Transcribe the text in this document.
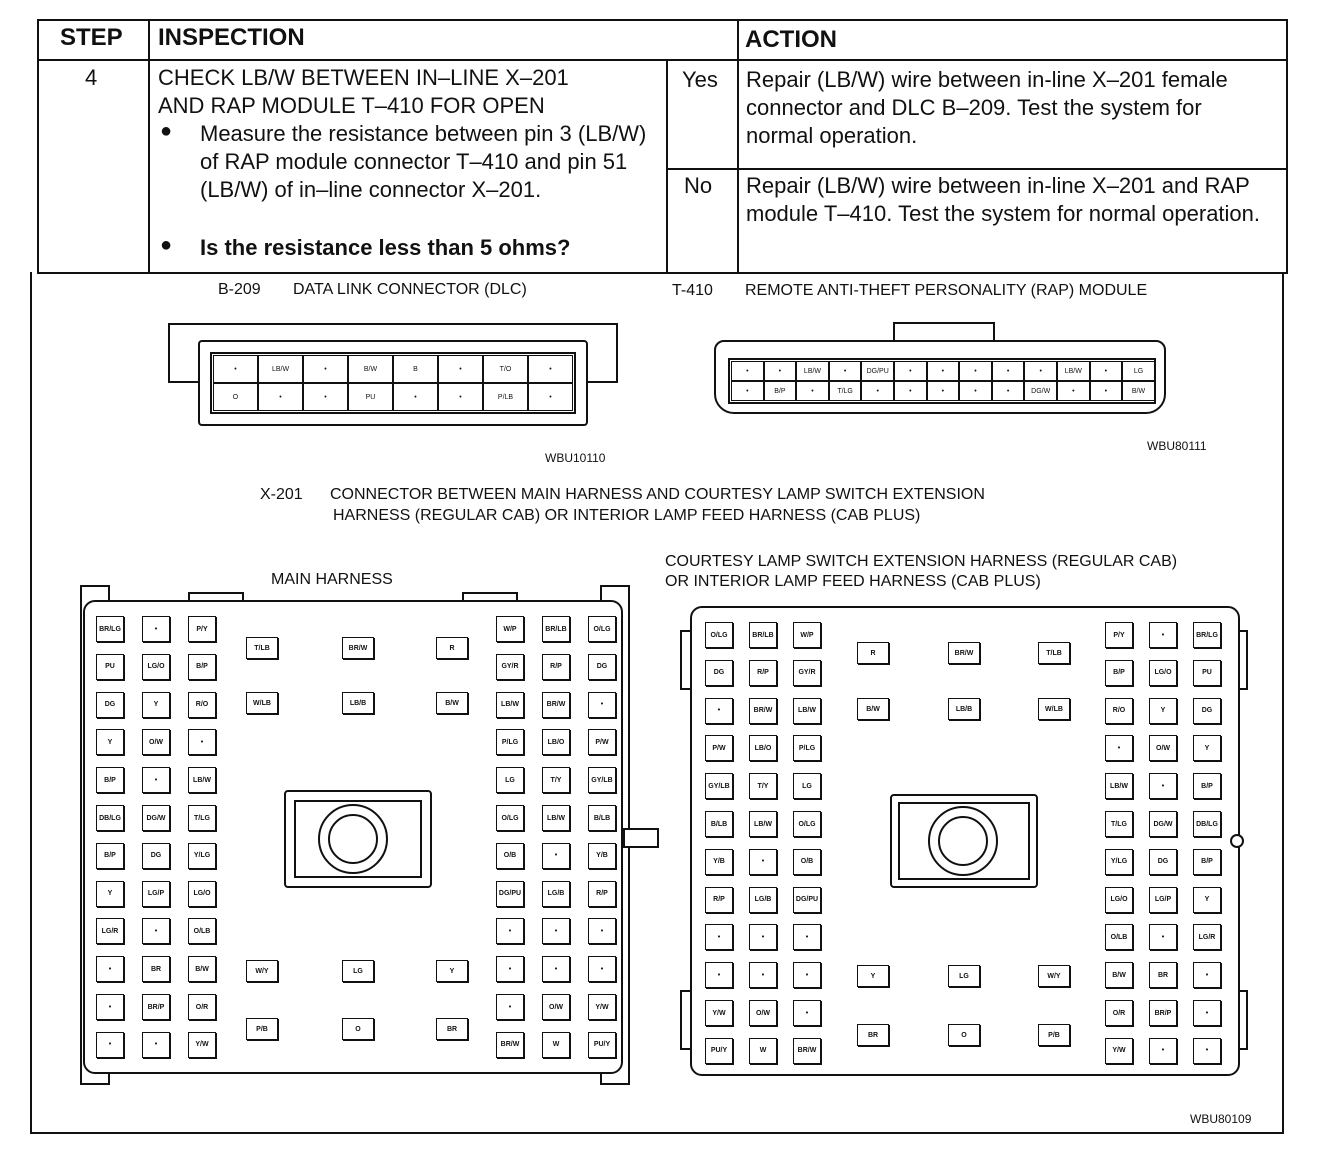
STEP INSPECTION	ACTION
4	CHECK LB/W BETWEEN IN–LINE X–201
AND RAP MODULE T–410 FOR OPEN
● Measure the resistance between pin 3 (LB/W) of RAP module connector T–410 and pin 51 (LB/W) of in–line connector X–201.
● Is the resistance less than 5 ohms?
Yes
No
Repair (LB/W) wire between in-line X–201 female connector and DLC B–209. Test the system for normal operation.
Repair (LB/W) wire between in-line X–201 and RAP module T–410. Test the system for normal operation.
B-209 DATA LINK CONNECTOR (DLC)
•	LB/W	•	B/W	B	•	T/O	•
O	•	•	PU	•	•	P/LB	•
WBU10110
T-410 REMOTE ANTI-THEFT PERSONALITY (RAP) MODULE
•	•	LB/W	•	DG/PU	•	•	•	•	•	LB/W	•	LG
•	B/P	•	T/LG	•	•	•	•	•	DG/W	•	•	B/W
WBU80111
X-201 CONNECTOR BETWEEN MAIN HARNESS AND COURTESY LAMP SWITCH EXTENSION
HARNESS (REGULAR CAB) OR INTERIOR LAMP FEED HARNESS (CAB PLUS)
MAIN HARNESS
BR/LG	•	P/Y
PU	LG/O	B/P
DG	Y	R/O
Y	O/W	•
B/P	•	LB/W
DB/LG	DG/W	T/LG
B/P	DG	Y/LG
Y	LG/P	LG/O
LG/R	•	O/LB
•	BR	B/W
•	BR/P	O/R
•	•	Y/W
W/P	BR/LB	O/LG
GY/R	R/P	DG
LB/W	BR/W	•
P/LG	LB/O	P/W
LG	T/Y	GY/LB
O/LG	LB/W	B/LB
O/B	•	Y/B
DG/PU	LG/B	R/P
•	•	•
•	•	•
•	O/W	Y/W
BR/W	W	PU/Y
T/LB	BR/W	R
W/LB	LB/B	B/W
W/Y	LG	Y
P/B	O	BR
COURTESY LAMP SWITCH EXTENSION HARNESS (REGULAR CAB)
OR INTERIOR LAMP FEED HARNESS (CAB PLUS)
O/LG	BR/LB	W/P
DG	R/P	GY/R
•	BR/W	LB/W
P/W	LB/O	P/LG
GY/LB	T/Y	LG
B/LB	LB/W	O/LG
Y/B	•	O/B
R/P	LG/B	DG/PU
•	•	•
•	•	•
Y/W	O/W	•
PU/Y	W	BR/W
P/Y	•	BR/LG
B/P	LG/O	PU
R/O	Y	DG
•	O/W	Y
LB/W	•	B/P
T/LG	DG/W	DB/LG
Y/LG	DG	B/P
LG/O	LG/P	Y
O/LB	•	LG/R
B/W	BR	•
O/R	BR/P	•
Y/W	•	•
R	BR/W	T/LB
B/W	LB/B	W/LB
Y	LG	W/Y
BR	O	P/B
WBU80109
